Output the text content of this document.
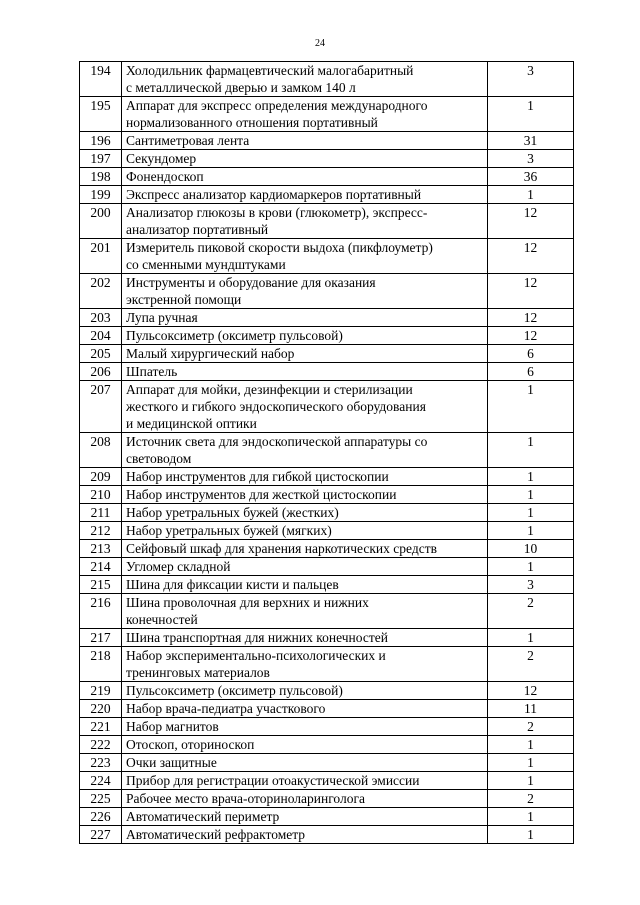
24
194	Холодильник фармацевтический малогабаритный
с металлической дверью и замком 140 л	3
195	Аппарат для экспресс определения международного
нормализованного отношения портативный	1
196	Сантиметровая лента	31
197	Секундомер	3
198	Фонендоскоп	36
199	Экспресс анализатор кардиомаркеров портативный	1
200	Анализатор глюкозы в крови (глюкометр), экспресс-
анализатор портативный	12
201	Измеритель пиковой скорости выдоха (пикфлоуметр)
со сменными мундштуками	12
202	Инструменты и оборудование для оказания
экстренной помощи	12
203	Лупа ручная	12
204	Пульсоксиметр (оксиметр пульсовой)	12
205	Малый хирургический набор	6
206	Шпатель	6
207	Аппарат для мойки, дезинфекции и стерилизации
жесткого и гибкого эндоскопического оборудования
и медицинской оптики	1
208	Источник света для эндоскопической аппаратуры со
световодом	1
209	Набор инструментов для гибкой цистоскопии	1
210	Набор инструментов для жесткой цистоскопии	1
211	Набор уретральных бужей (жестких)	1
212	Набор уретральных бужей (мягких)	1
213	Сейфовый шкаф для хранения наркотических средств	10
214	Угломер складной	1
215	Шина для фиксации кисти и пальцев	3
216	Шина проволочная для верхних и нижних
конечностей	2
217	Шина транспортная для нижних конечностей	1
218	Набор экспериментально-психологических и
тренинговых материалов	2
219	Пульсоксиметр (оксиметр пульсовой)	12
220	Набор врача-педиатра участкового	11
221	Набор магнитов	2
222	Отоскоп, оториноскоп	1
223	Очки защитные	1
224	Прибор для регистрации отоакустической эмиссии	1
225	Рабочее место врача-оториноларинголога	2
226	Автоматический периметр	1
227	Автоматический рефрактометр	1
